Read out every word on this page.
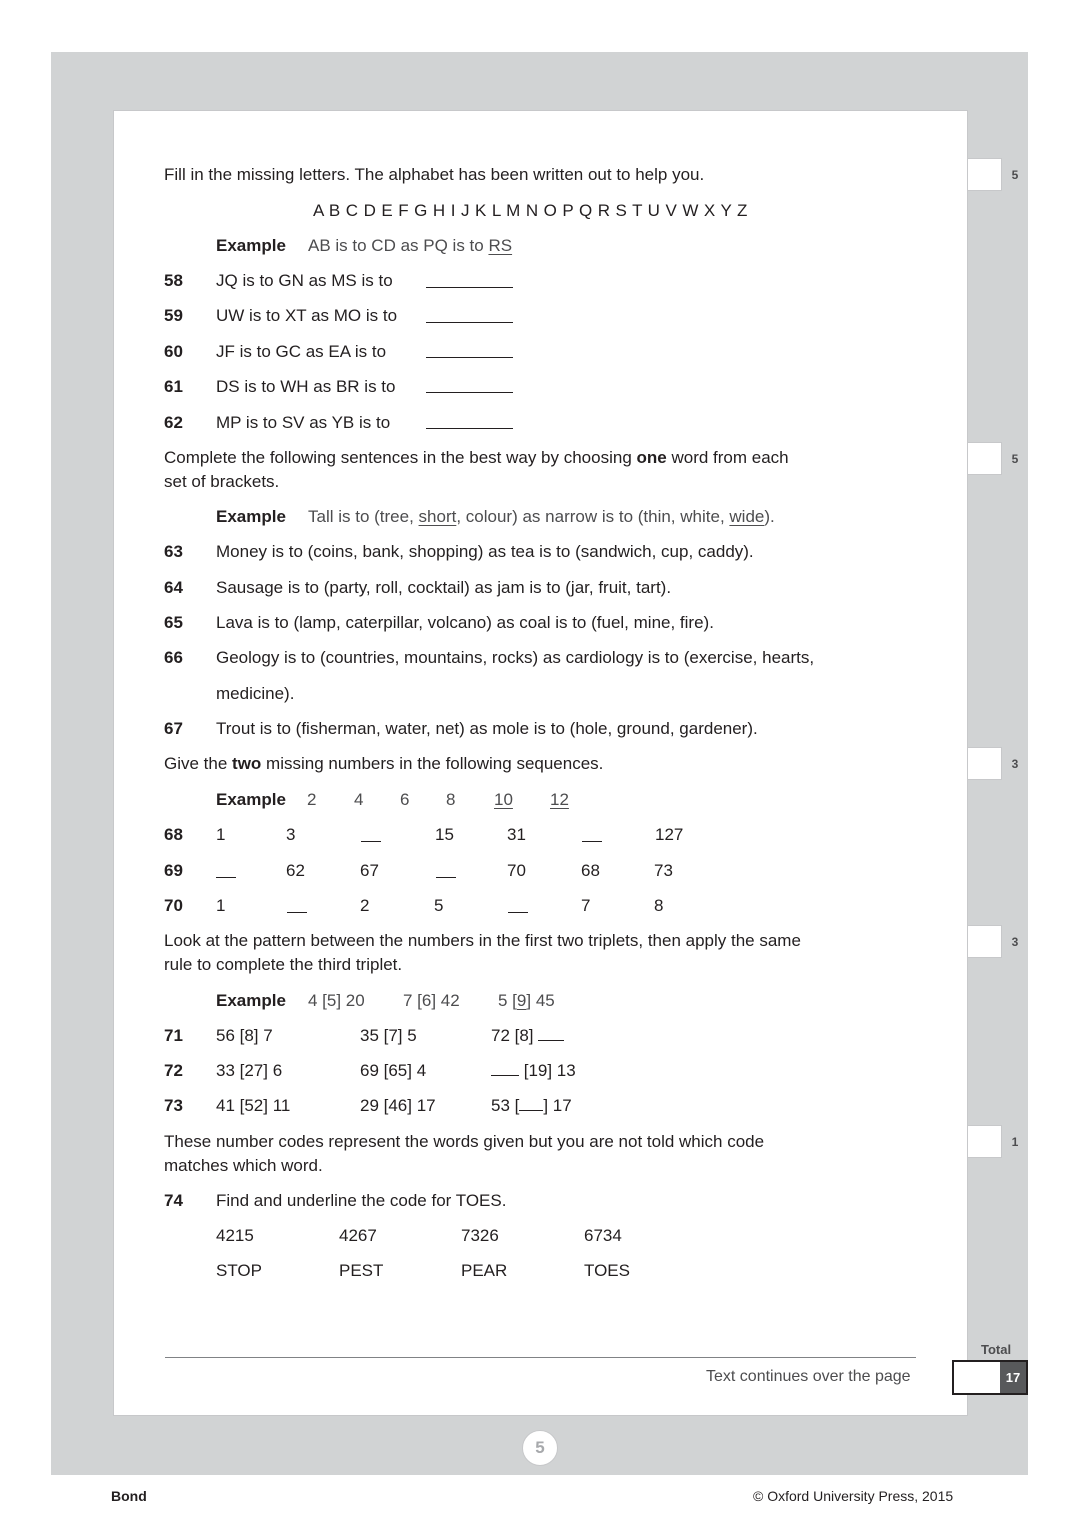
Fill in the missing letters. The alphabet has been written out to help you.
A B C D E F G H I J K L M N O P Q R S T U V W X Y Z
Example AB is to CD as PQ is to RS
58 JQ is to GN as MS is to
59 UW is to XT as MO is to
60 JF is to GC as EA is to
61 DS is to WH as BR is to
62 MP is to SV as YB is to
Complete the following sentences in the best way by choosing one word from each
set of brackets.
Example Tall is to (tree, short, colour) as narrow is to (thin, white, wide).
63 Money is to (coins, bank, shopping) as tea is to (sandwich, cup, caddy).
64 Sausage is to (party, roll, cocktail) as jam is to (jar, fruit, tart).
65 Lava is to (lamp, caterpillar, volcano) as coal is to (fuel, mine, fire).
66 Geology is to (countries, mountains, rocks) as cardiology is to (exercise, hearts,
medicine).
67 Trout is to (fisherman, water, net) as mole is to (hole, ground, gardener).
Give the two missing numbers in the following sequences.
Example 2 4 6 8 10 12
68 1	3	15	31	127
69	62	67	70	68	73
70 1	2	5	7	8
Look at the pattern between the numbers in the first two triplets, then apply the same
rule to complete the third triplet.
Example 4 [5] 20 7 [6] 42 5 [9] 45
71 56 [8] 7	35 [7] 5	72 [8]
72 33 [27] 6	69 [65] 4	[19] 13
73 41 [52] 11	29 [46] 17	53 [ ] 17
These number codes represent the words given but you are not told which code
matches which word.
74 Find and underline the code for TOES.
4215	4267	7326	6734
STOP	PEST	PEAR	TOES
Text continues over the page
5
5
3
3
1
Total
17
5
Bond	© Oxford University Press, 2015
